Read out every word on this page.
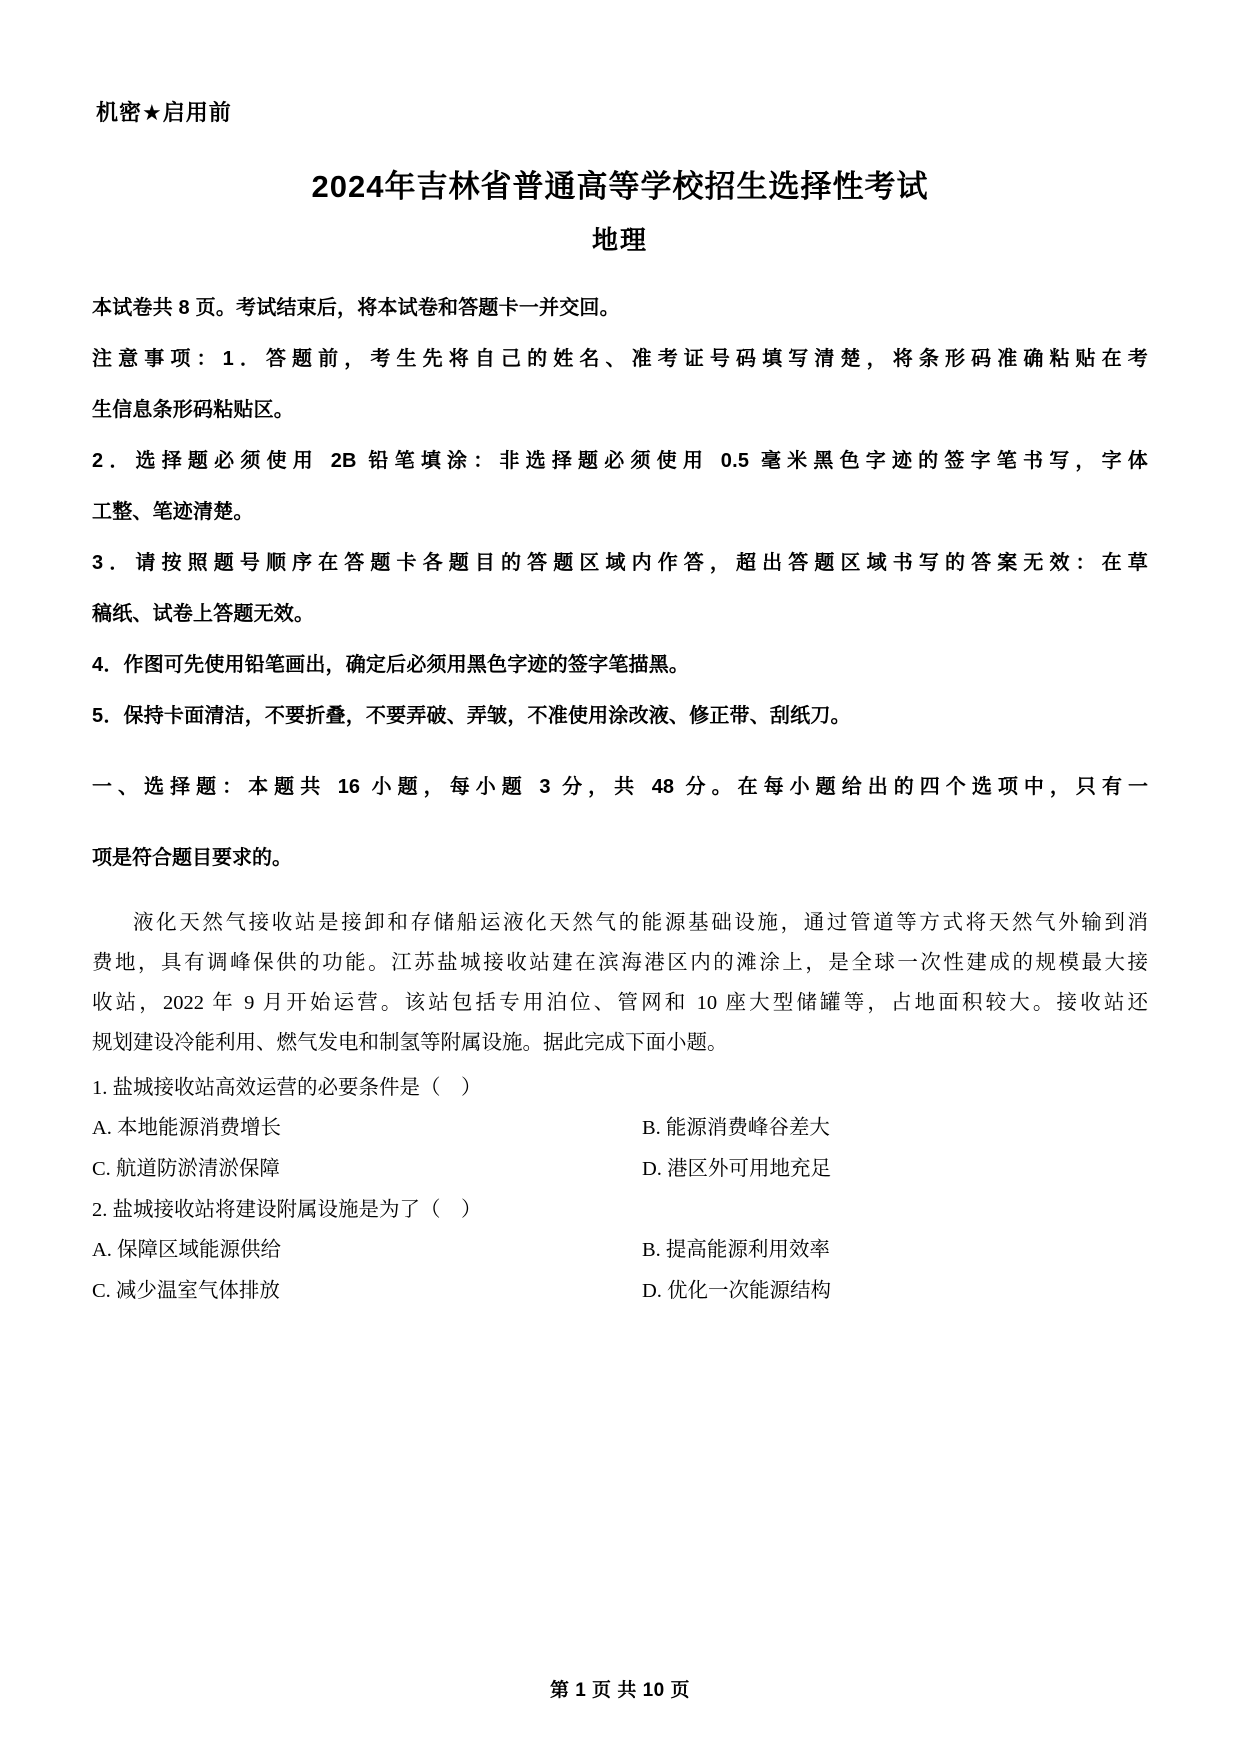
机密★启用前
2024年吉林省普通高等学校招生选择性考试
地理

本试卷共 8 页。考试结束后，将本试卷和答题卡一并交回。

注意事项：1．答题前，考生先将自己的姓名、准考证号码填写清楚，将条形码准确粘贴在考

生信息条形码粘贴区。

2．选择题必须使用 2B 铅笔填涂：非选择题必须使用 0.5 毫米黑色字迹的签字笔书写，字体

工整、笔迹清楚。

3．请按照题号顺序在答题卡各题目的答题区域内作答，超出答题区域书写的答案无效：在草

稿纸、试卷上答题无效。

4．作图可先使用铅笔画出，确定后必须用黑色字迹的签字笔描黑。

5．保持卡面清洁，不要折叠，不要弄破、弄皱，不准使用涂改液、修正带、刮纸刀。

一、选择题：本题共 16 小题，每小题 3 分，共 48 分。在每小题给出的四个选项中，只有一

项是符合题目要求的。

液化天然气接收站是接卸和存储船运液化天然气的能源基础设施，通过管道等方式将天然气外输到消

费地，具有调峰保供的功能。江苏盐城接收站建在滨海港区内的滩涂上，是全球一次性建成的规模最大接

收站，2022 年 9 月开始运营。该站包括专用泊位、管网和 10 座大型储罐等，占地面积较大。接收站还

规划建设冷能利用、燃气发电和制氢等附属设施。据此完成下面小题。

1. 盐城接收站高效运营的必要条件是（　）

A. 本地能源消费增长	B. 能源消费峰谷差大
C. 航道防淤清淤保障	D. 港区外可用地充足

2. 盐城接收站将建设附属设施是为了（　）

A. 保障区域能源供给	B. 提高能源利用效率
C. 减少温室气体排放	D. 优化一次能源结构
第 1 页 共 10 页
